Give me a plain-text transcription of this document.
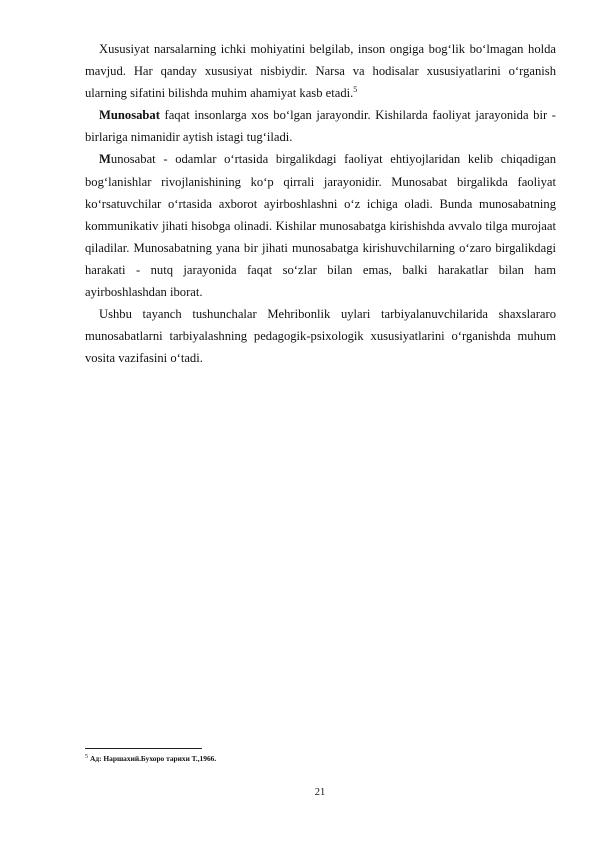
Xususiyat narsalarning ichki mohiyatini belgilab, inson ongiga bog‘lik bo‘lmagan holda mavjud. Har qanday xususiyat nisbiydir. Narsa va hodisalar xususiyatlarini o‘rganish ularning sifatini bilishda muhim ahamiyat kasb etadi.$^5$

Munosabat faqat insonlarga xos bo‘lgan jarayondir. Kishilarda faoliyat jarayonida bir - birlariga nimanidir aytish istagi tug‘iladi.

Munosabat - odamlar o‘rtasida birgalikdagi faoliyat ehtiyojlaridan kelib chiqadigan bog‘lanishlar rivojlanishining ko‘p qirrali jarayonidir. Munosabat birgalikda faoliyat ko‘rsatuvchilar o‘rtasida axborot ayirboshlashni o‘z ichiga oladi. Bunda munosabatning kommunikativ jihati hisobga olinadi. Kishilar munosabatga kirishishda avvalo tilga murojaat qiladilar. Munosabatning yana bir jihati munosabatga kirishuvchilarning o‘zaro birgalikdagi harakati - nutq jarayonida faqat so‘zlar bilan emas, balki harakatlar bilan ham ayirboshlashdan iborat.

Ushbu tayanch tushunchalar Mehribonlik uylari tarbiyalanuvchilarida shaxslararo munosabatlarni tarbiyalashning pedagogik-psixologik xususiyatlarini o‘rganishda muhum vosita vazifasini o‘tadi.

$^5$ Ад: Наршахий.Бухоро тарихи Т.,1966.
21
